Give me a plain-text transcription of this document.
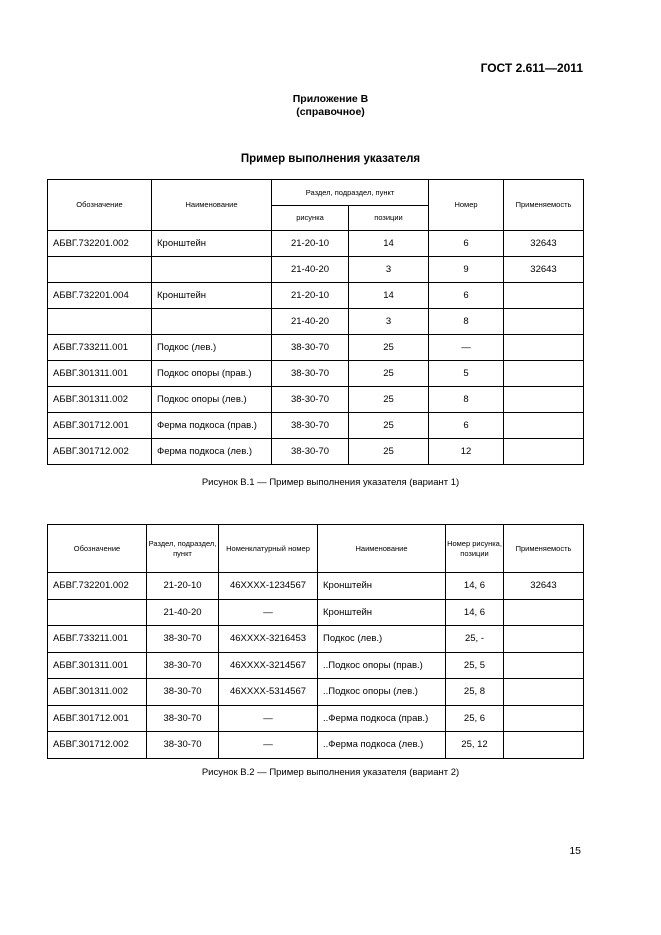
ГОСТ 2.611—2011
Приложение В
(справочное)
Пример выполнения указателя
Обозначение	Наименование	Раздел, подраздел, пункт		Номер	Применяемость
		рисунка	позиции		
АБВГ.732201.002	Кронштейн	21-20-10	14	6	32643
		21-40-20	3	9	32643
АБВГ.732201.004	Кронштейн	21-20-10	14	6	
		21-40-20	3	8	
АБВГ.733211.001	Подкос (лев.)	38-30-70	25	—	
АБВГ.301311.001	Подкос опоры (прав.)	38-30-70	25	5	
АБВГ.301311.002	Подкос опоры (лев.)	38-30-70	25	8	
АБВГ.301712.001	Ферма подкоса (прав.)	38-30-70	25	6	
АБВГ.301712.002	Ферма подкоса (лев.)	38-30-70	25	12	
Рисунок В.1 — Пример выполнения указателя (вариант 1)
Обозначение	Раздел, подраздел, пункт	Номенклатурный номер	Наименование	Номер рисунка, позиции	Применяемость
АБВГ.732201.002	21-20-10	46ХХХХ-1234567	Кронштейн	14, 6	32643
	21-40-20	—	Кронштейн	14, 6	
АБВГ.733211.001	38-30-70	46ХХХХ-3216453	Подкос (лев.)	25, -	
АБВГ.301311.001	38-30-70	46ХХХХ-3214567	..Подкос опоры (прав.)	25, 5	
АБВГ.301311.002	38-30-70	46ХХХХ-5314567	..Подкос опоры (лев.)	25, 8	
АБВГ.301712.001	38-30-70	—	..Ферма подкоса (прав.)	25, 6	
АБВГ.301712.002	38-30-70	—	..Ферма подкоса (лев.)	25, 12	
Рисунок В.2 — Пример выполнения указателя (вариант 2)
15
